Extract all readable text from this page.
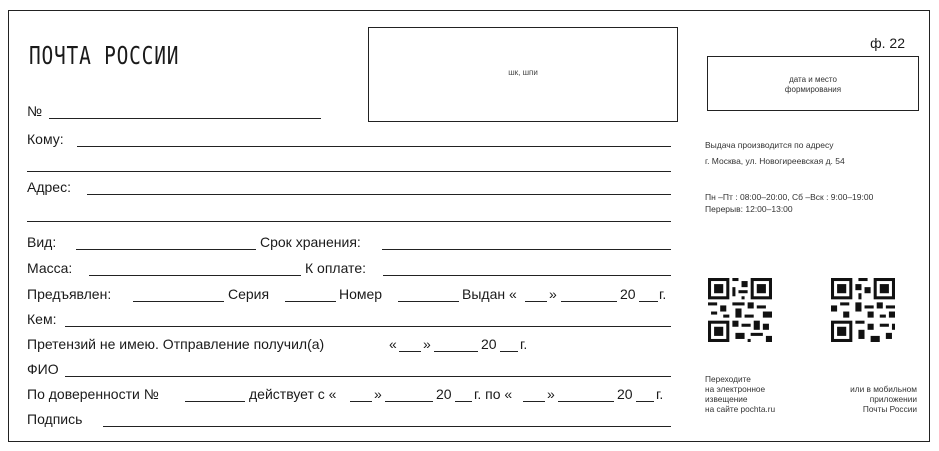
ПОЧТА РОССИИ
шк, шпи
ф. 22
дата и место
формирования
Выдача производится по адресу
г. Москва, ул. Новогиреевская д. 54
Пн –Пт : 08:00–20:00, Сб –Вск : 9:00–19:00
Перерыв: 12:00–13:00
Переходите
на электронное
извещение
на сайте pochta.ru
или в мобильном
приложении
Почты России
№
Кому:
Адрес:
Вид:	Срок хранения:
Масса:	К оплате:
Предъявлен:	Серия	Номер	Выдан « »	20 г.
Кем:
Претензий не имею. Отправление получил(а)	« »	20 г.
ФИО
По доверенности №	действует с «	»	20 г. по « »	20 г.
Подпись
